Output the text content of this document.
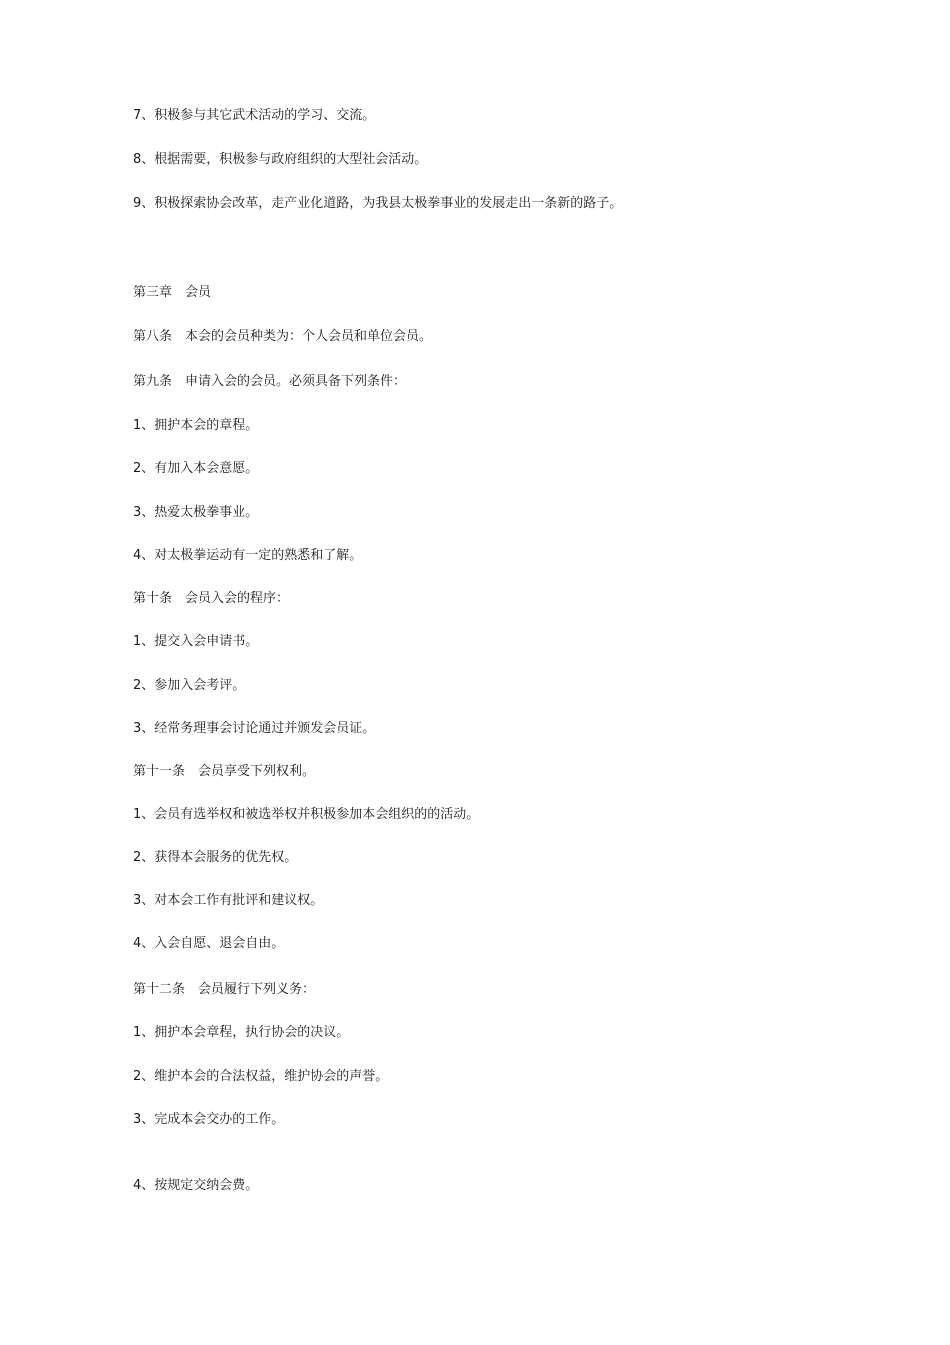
7、积极参与其它武术活动的学习、交流。

8、根据需要，积极参与政府组织的大型社会活动。

9、积极探索协会改革，走产业化道路，为我县太极拳事业的发展走出一条新的路子。

第三章　会员

第八条　本会的会员种类为：个人会员和单位会员。

第九条　申请入会的会员。必须具备下列条件：

1、拥护本会的章程。

2、有加入本会意愿。

3、热爱太极拳事业。

4、对太极拳运动有一定的熟悉和了解。

第十条　会员入会的程序：

1、提交入会申请书。

2、参加入会考评。

3、经常务理事会讨论通过并颁发会员证。

第十一条　会员享受下列权利。

1、会员有选举权和被选举权并积极参加本会组织的的活动。

2、获得本会服务的优先权。

3、对本会工作有批评和建议权。

4、入会自愿、退会自由。

第十二条　会员履行下列义务：

1、拥护本会章程，执行协会的决议。

2、维护本会的合法权益，维护协会的声誉。

3、完成本会交办的工作。

4、按规定交纳会费。
